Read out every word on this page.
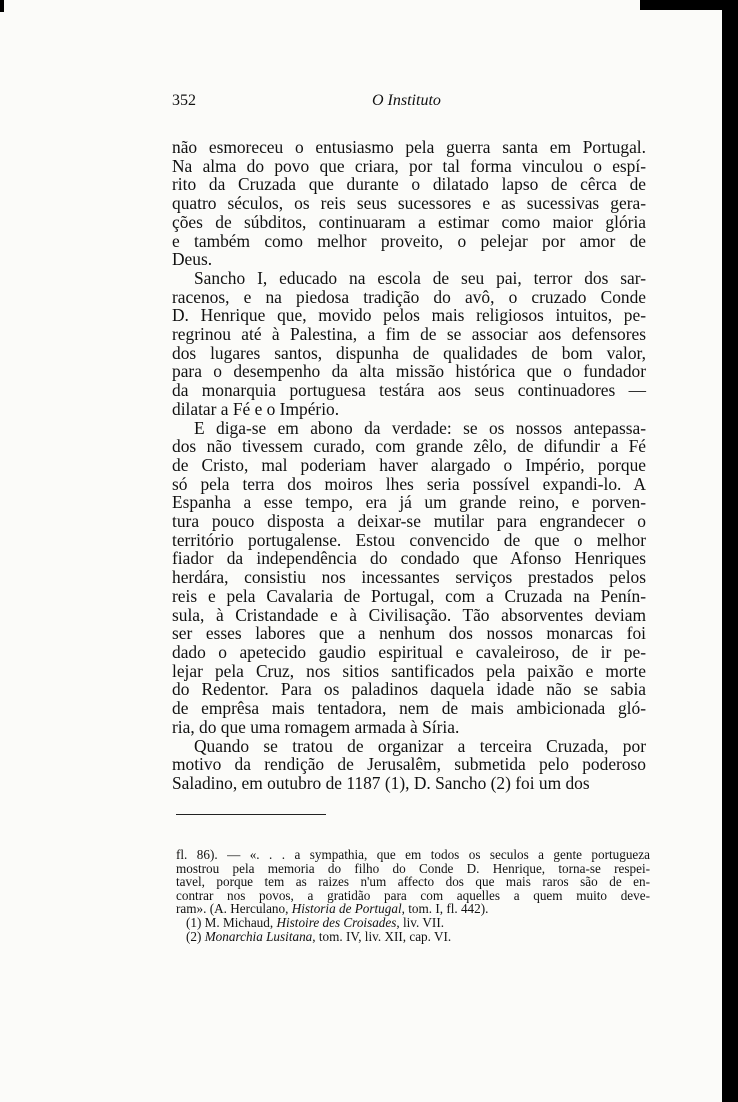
352	O Instituto
não esmoreceu o entusiasmo pela guerra santa em Portugal.
Na alma do povo que criara, por tal forma vinculou o espí-
rito da Cruzada que durante o dilatado lapso de cêrca de
quatro séculos, os reis seus sucessores e as sucessivas gera-
ções de súbditos, continuaram a estimar como maior glória
e também como melhor proveito, o pelejar por amor de
Deus.
Sancho I, educado na escola de seu pai, terror dos sar-
racenos, e na piedosa tradição do avô, o cruzado Conde
D. Henrique que, movido pelos mais religiosos intuitos, pe-
regrinou até à Palestina, a fim de se associar aos defensores
dos lugares santos, dispunha de qualidades de bom valor,
para o desempenho da alta missão histórica que o fundador
da monarquia portuguesa testára aos seus continuadores —
dilatar a Fé e o Império.
E diga-se em abono da verdade: se os nossos antepassa-
dos não tivessem curado, com grande zêlo, de difundir a Fé
de Cristo, mal poderiam haver alargado o Império, porque
só pela terra dos moiros lhes seria possível expandi-lo. A
Espanha a esse tempo, era já um grande reino, e porven-
tura pouco disposta a deixar-se mutilar para engrandecer o
território portugalense. Estou convencido de que o melhor
fiador da independência do condado que Afonso Henriques
herdára, consistiu nos incessantes serviços prestados pelos
reis e pela Cavalaria de Portugal, com a Cruzada na Penín-
sula, à Cristandade e à Civilisação. Tão absorventes deviam
ser esses labores que a nenhum dos nossos monarcas foi
dado o apetecido gaudio espiritual e cavaleiroso, de ir pe-
lejar pela Cruz, nos sitios santificados pela paixão e morte
do Redentor. Para os paladinos daquela idade não se sabia
de emprêsa mais tentadora, nem de mais ambicionada gló-
ria, do que uma romagem armada à Síria.
Quando se tratou de organizar a terceira Cruzada, por
motivo da rendição de Jerusalêm, submetida pelo poderoso
Saladino, em outubro de 1187 (1), D. Sancho (2) foi um dos
fl. 86). — «. . . a sympathia, que em todos os seculos a gente portugueza
mostrou pela memoria do filho do Conde D. Henrique, torna-se respei-
tavel, porque tem as raizes n'um affecto dos que mais raros são de en-
contrar nos povos, a gratidão para com aquelles a quem muito deve-
ram». (A. Herculano, Historia de Portugal, tom. I, fl. 442).
(1) M. Michaud, Histoire des Croisades, liv. VII.
(2) Monarchia Lusitana, tom. IV, liv. XII, cap. VI.
